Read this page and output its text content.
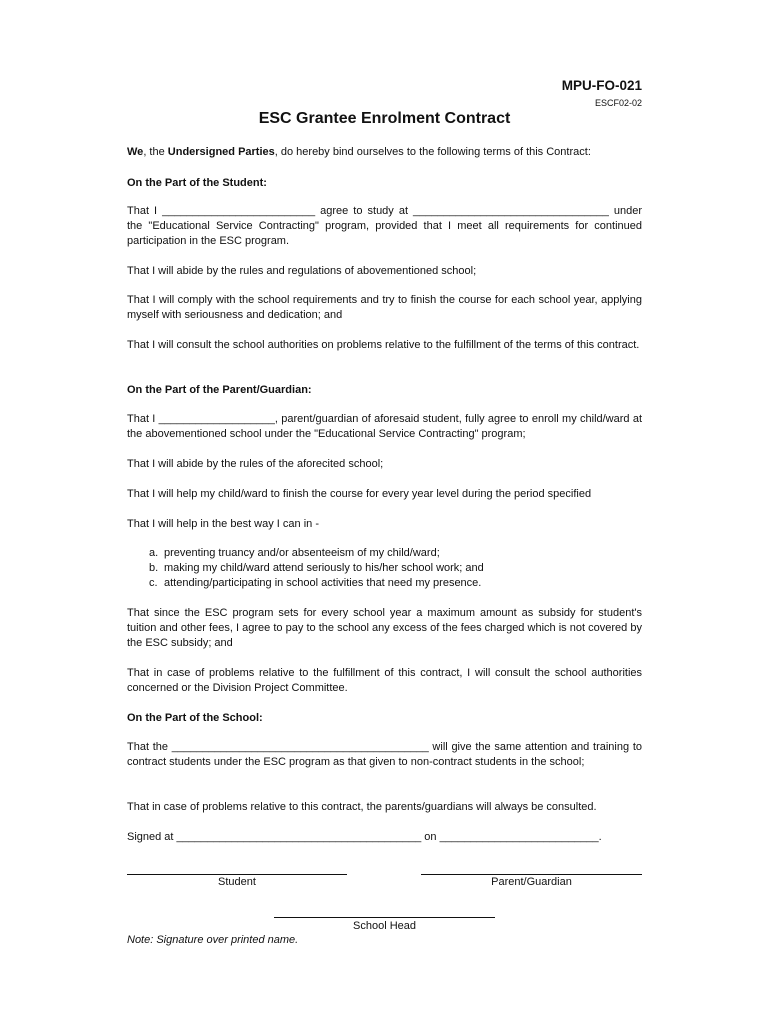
MPU-FO-021
ESCF02-02
ESC Grantee Enrolment Contract

We, the Undersigned Parties, do hereby bind ourselves to the following terms of this Contract:

On the Part of the Student:

That I _________________________ agree to study at ________________________________ under the "Educational Service Contracting" program, provided that I meet all requirements for continued participation in the ESC program.

That I will abide by the rules and regulations of abovementioned school;

That I will comply with the school requirements and try to finish the course for each school year, applying myself with seriousness and dedication; and

That I will consult the school authorities on problems relative to the fulfillment of the terms of this contract.

On the Part of the Parent/Guardian:

That I ___________________, parent/guardian of aforesaid student, fully agree to enroll my child/ward at the abovementioned school under the "Educational Service Contracting" program;

That I will abide by the rules of the aforecited school;

That I will help my child/ward to finish the course for every year level during the period specified

That I will help in the best way I can in -

a. preventing truancy and/or absenteeism of my child/ward;
b. making my child/ward attend seriously to his/her school work; and
c. attending/participating in school activities that need my presence.

That since the ESC program sets for every school year a maximum amount as subsidy for student's tuition and other fees, I agree to pay to the school any excess of the fees charged which is not covered by the ESC subsidy; and

That in case of problems relative to the fulfillment of this contract, I will consult the school authorities concerned or the Division Project Committee.

On the Part of the School:

That the __________________________________________ will give the same attention and training to contract students under the ESC program as that given to non-contract students in the school;

That in case of problems relative to this contract, the parents/guardians will always be consulted.

Signed at ________________________________________ on __________________________.

Student	Parent/Guardian
School Head
Note: Signature over printed name.
